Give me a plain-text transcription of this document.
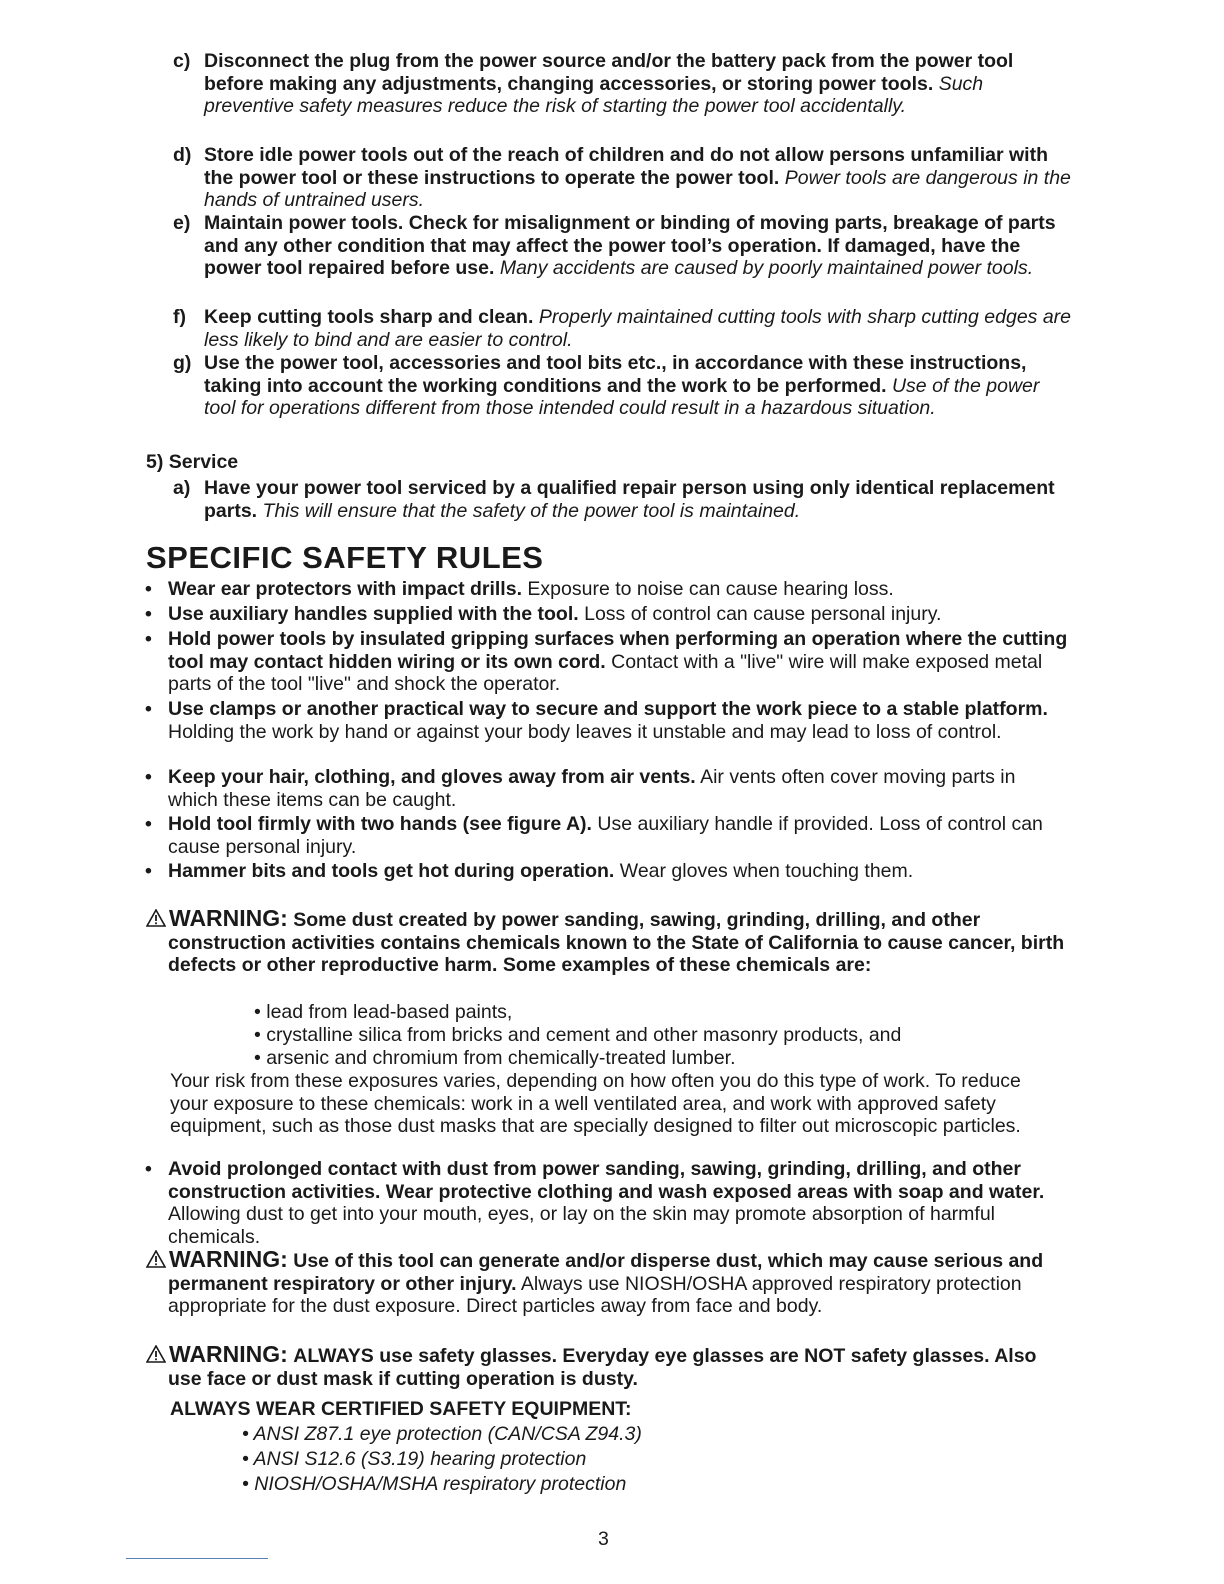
c) Disconnect the plug from the power source and/or the battery pack from the power tool before making any adjustments, changing accessories, or storing power tools. Such preventive safety measures reduce the risk of starting the power tool accidentally.
d) Store idle power tools out of the reach of children and do not allow persons unfamiliar with the power tool or these instructions to operate the power tool. Power tools are dangerous in the hands of untrained users.
e) Maintain power tools. Check for misalignment or binding of moving parts, breakage of parts and any other condition that may affect the power tool’s operation. If damaged, have the power tool repaired before use. Many accidents are caused by poorly maintained power tools.
f) Keep cutting tools sharp and clean. Properly maintained cutting tools with sharp cutting edges are less likely to bind and are easier to control.
g) Use the power tool, accessories and tool bits etc., in accordance with these instructions, taking into account the working conditions and the work to be performed. Use of the power tool for operations different from those intended could result in a hazardous situation.
5) Service
a) Have your power tool serviced by a qualified repair person using only identical replacement parts. This will ensure that the safety of the power tool is maintained.
SPECIFIC SAFETY RULES
• Wear ear protectors with impact drills. Exposure to noise can cause hearing loss.
• Use auxiliary handles supplied with the tool. Loss of control can cause personal injury.
• Hold power tools by insulated gripping surfaces when performing an operation where the cutting tool may contact hidden wiring or its own cord. Contact with a "live" wire will make exposed metal parts of the tool "live" and shock the operator.
• Use clamps or another practical way to secure and support the work piece to a stable platform. Holding the work by hand or against your body leaves it unstable and may lead to loss of control.
• Keep your hair, clothing, and gloves away from air vents. Air vents often cover moving parts in which these items can be caught.
• Hold tool firmly with two hands (see figure A). Use auxiliary handle if provided. Loss of control can cause personal injury.
• Hammer bits and tools get hot during operation. Wear gloves when touching them.
WARNING: Some dust created by power sanding, sawing, grinding, drilling, and other construction activities contains chemicals known to the State of California to cause cancer, birth defects or other reproductive harm. Some examples of these chemicals are:
• lead from lead-based paints,
• crystalline silica from bricks and cement and other masonry products, and
• arsenic and chromium from chemically-treated lumber.
Your risk from these exposures varies, depending on how often you do this type of work. To reduce your exposure to these chemicals: work in a well ventilated area, and work with approved safety equipment, such as those dust masks that are specially designed to filter out microscopic particles.
• Avoid prolonged contact with dust from power sanding, sawing, grinding, drilling, and other construction activities. Wear protective clothing and wash exposed areas with soap and water. Allowing dust to get into your mouth, eyes, or lay on the skin may promote absorption of harmful chemicals.
WARNING: Use of this tool can generate and/or disperse dust, which may cause serious and permanent respiratory or other injury. Always use NIOSH/OSHA approved respiratory protection appropriate for the dust exposure. Direct particles away from face and body.
WARNING: ALWAYS use safety glasses. Everyday eye glasses are NOT safety glasses. Also use face or dust mask if cutting operation is dusty.
ALWAYS WEAR CERTIFIED SAFETY EQUIPMENT:
• ANSI Z87.1 eye protection (CAN/CSA Z94.3)
• ANSI S12.6 (S3.19) hearing protection
• NIOSH/OSHA/MSHA respiratory protection
3
